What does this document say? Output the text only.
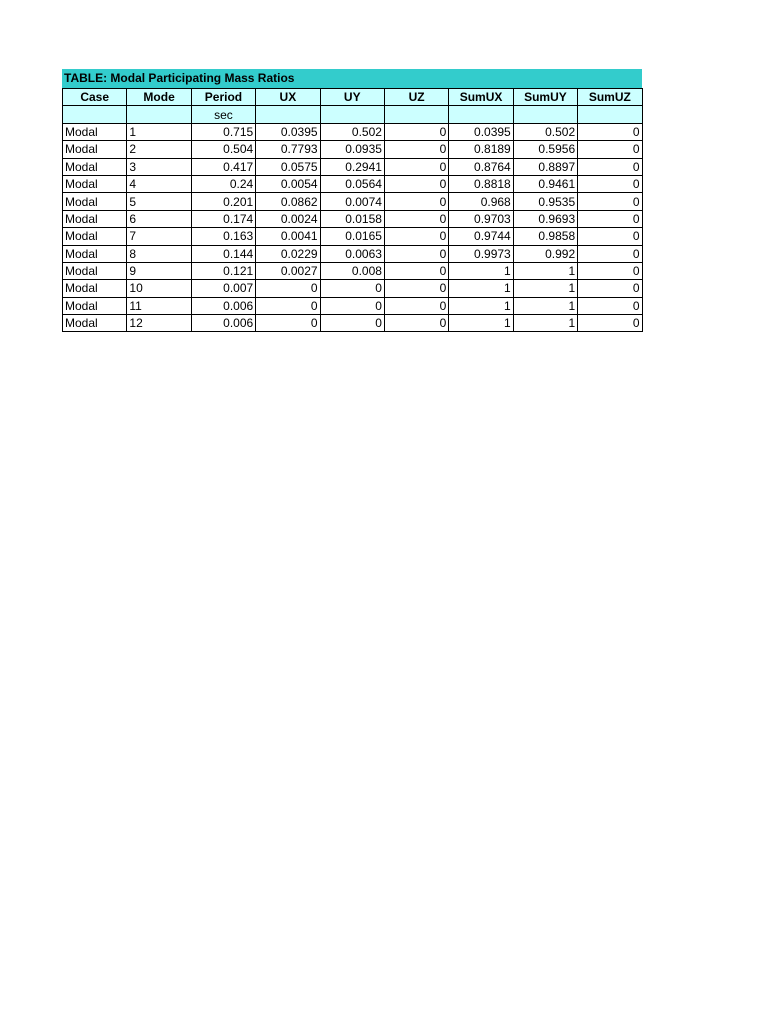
TABLE: Modal Participating Mass Ratios
Case	Mode	Period	UX	UY	UZ	SumUX	SumUY	SumUZ
		sec						
Modal	1	0.715	0.0395	0.502	0	0.0395	0.502	0
Modal	2	0.504	0.7793	0.0935	0	0.8189	0.5956	0
Modal	3	0.417	0.0575	0.2941	0	0.8764	0.8897	0
Modal	4	0.24	0.0054	0.0564	0	0.8818	0.9461	0
Modal	5	0.201	0.0862	0.0074	0	0.968	0.9535	0
Modal	6	0.174	0.0024	0.0158	0	0.9703	0.9693	0
Modal	7	0.163	0.0041	0.0165	0	0.9744	0.9858	0
Modal	8	0.144	0.0229	0.0063	0	0.9973	0.992	0
Modal	9	0.121	0.0027	0.008	0	1	1	0
Modal	10	0.007	0	0	0	1	1	0
Modal	11	0.006	0	0	0	1	1	0
Modal	12	0.006	0	0	0	1	1	0
